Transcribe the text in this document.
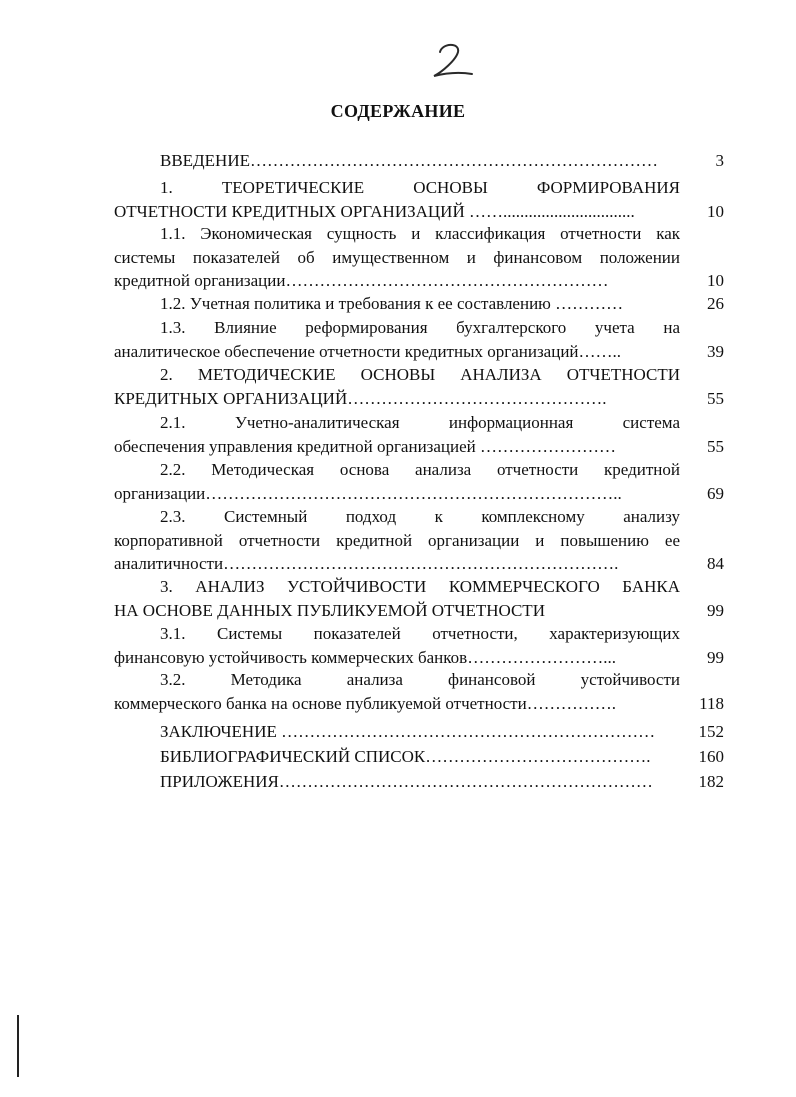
СОДЕРЖАНИЕ
ВВЕДЕНИЕ………………………………………………………………	3
1. ТЕОРЕТИЧЕСКИЕ ОСНОВЫ ФОРМИРОВАНИЯ
ОТЧЕТНОСТИ КРЕДИТНЫХ ОРГАНИЗАЦИЙ ……...............................	10
1.1. Экономическая сущность и классификация отчетности как
системы показателей об имущественном и финансовом положении
кредитной организации…………………………………………………	10
1.2. Учетная политика и требования к ее составлению …………	26
1.3. Влияние реформирования бухгалтерского учета на
аналитическое обеспечение отчетности кредитных организаций……..	39
2. МЕТОДИЧЕСКИЕ ОСНОВЫ АНАЛИЗА ОТЧЕТНОСТИ
КРЕДИТНЫХ ОРГАНИЗАЦИЙ……………………………………….	55
2.1. Учетно-аналитическая информационная система
обеспечения управления кредитной организацией ……………………	55
2.2. Методическая основа анализа отчетности кредитной
организации………………………………………………………………..	69
2.3. Системный подход к комплексному анализу
корпоративной отчетности кредитной организации и повышению ее
аналитичности…………………………………………………………….	84
3. АНАЛИЗ УСТОЙЧИВОСТИ КОММЕРЧЕСКОГО БАНКА
НА ОСНОВЕ ДАННЫХ ПУБЛИКУЕМОЙ ОТЧЕТНОСТИ	99
3.1. Системы показателей отчетности, характеризующих
финансовую устойчивость коммерческих банков……………………...	99
3.2. Методика анализа финансовой устойчивости
коммерческого банка на основе публикуемой отчетности…………….	118
ЗАКЛЮЧЕНИЕ …………………………………………………………	152
БИБЛИОГРАФИЧЕСКИЙ СПИСОК………………………………….	160
ПРИЛОЖЕНИЯ…………………………………………………………	182
